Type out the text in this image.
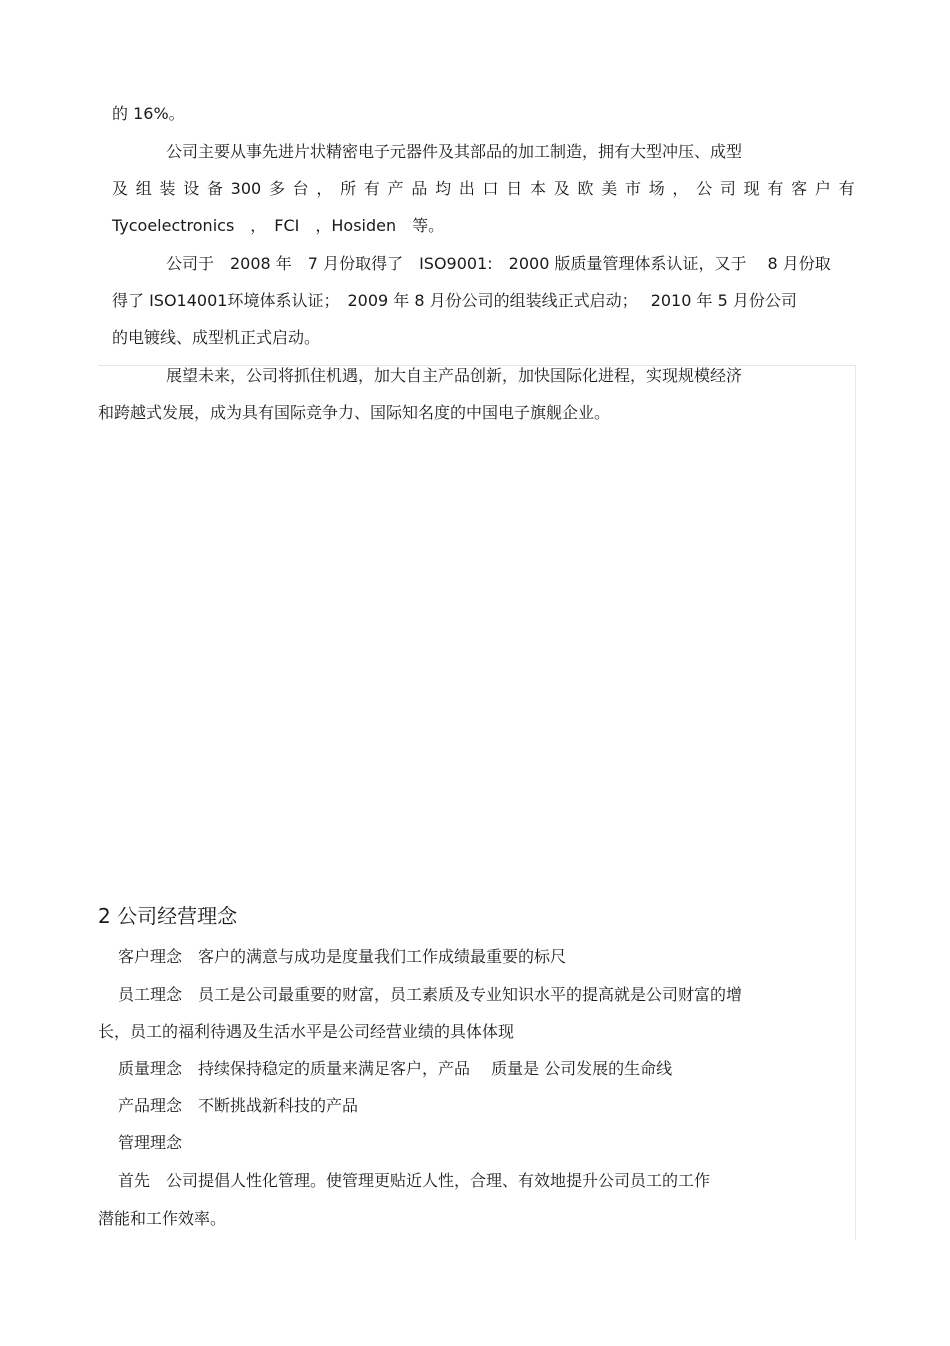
的 16%。
公司主要从事先进片状精密电子元器件及其部品的加工制造，拥有大型冲压、成型
及 组 装 设 备 300 多 台 ， 所 有 产 品 均 出 口 日 本 及 欧 美 市 场 ， 公 司 现 有 客 户 有
Tycoelectronics　，　FCI　，Hosiden　等。
公司于　2008 年　7 月份取得了　ISO9001:　2000 版质量管理体系认证，又于　 8 月份取
得了 ISO14001环境体系认证；　2009 年 8 月份公司的组装线正式启动；　 2010 年 5 月份公司
的电镀线、成型机正式启动。
展望未来，公司将抓住机遇，加大自主产品创新，加快国际化进程，实现规模经济
和跨越式发展，成为具有国际竞争力、国际知名度的中国电子旗舰企业。
2 公司经营理念
客户理念　客户的满意与成功是度量我们工作成绩最重要的标尺
员工理念　员工是公司最重要的财富，员工素质及专业知识水平的提高就是公司财富的增
长，员工的福利待遇及生活水平是公司经营业绩的具体体现
质量理念　持续保持稳定的质量来满足客户，产品　 质量是 公司发展的生命线
产品理念　不断挑战新科技的产品
管理理念
首先　公司提倡人性化管理。使管理更贴近人性，合理、有效地提升公司员工的工作
潜能和工作效率。
